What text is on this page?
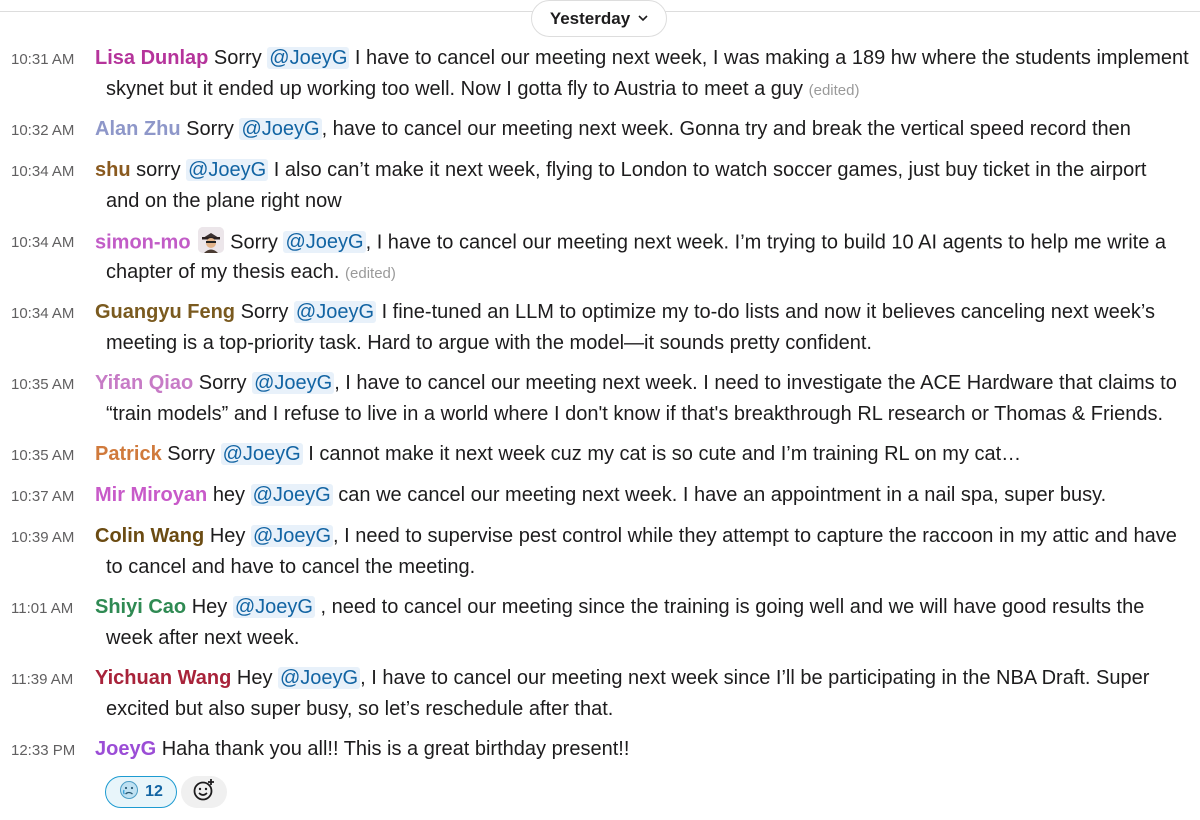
Yesterday
10:31 AM	Lisa Dunlap Sorry @JoeyG I have to cancel our meeting next week, I was making a 189 hw where the students implement
skynet but it ended up working too well. Now I gotta fly to Austria to meet a guy (edited)
10:32 AM	Alan Zhu Sorry @JoeyG , have to cancel our meeting next week. Gonna try and break the vertical speed record then
10:34 AM	shu sorry @JoeyG I also can’t make it next week, flying to London to watch soccer games, just buy ticket in the airport
and on the plane right now
10:34 AM	simon-mo Sorry @JoeyG , I have to cancel our meeting next week. I’m trying to build 10 AI agents to help me write a
chapter of my thesis each. (edited)
10:34 AM	Guangyu Feng Sorry @JoeyG I fine-tuned an LLM to optimize my to-do lists and now it believes canceling next week’s
meeting is a top-priority task. Hard to argue with the model—it sounds pretty confident.
10:35 AM	Yifan Qiao Sorry @JoeyG , I have to cancel our meeting next week. I need to investigate the ACE Hardware that claims to
“train models” and I refuse to live in a world where I don't know if that's breakthrough RL research or Thomas & Friends.
10:35 AM	Patrick Sorry @JoeyG I cannot make it next week cuz my cat is so cute and I’m training RL on my cat…
10:37 AM	Mir Miroyan hey @JoeyG can we cancel our meeting next week. I have an appointment in a nail spa, super busy.
10:39 AM	Colin Wang Hey @JoeyG , I need to supervise pest control while they attempt to capture the raccoon in my attic and have
to cancel and have to cancel the meeting.
11:01 AM	Shiyi Cao Hey @JoeyG , need to cancel our meeting since the training is going well and we will have good results the
week after next week.
11:39 AM	Yichuan Wang Hey @JoeyG , I have to cancel our meeting next week since I’ll be participating in the NBA Draft. Super
excited but also super busy, so let’s reschedule after that.
12:33 PM JoeyG Haha thank you all!! This is a great birthday present!!
12
